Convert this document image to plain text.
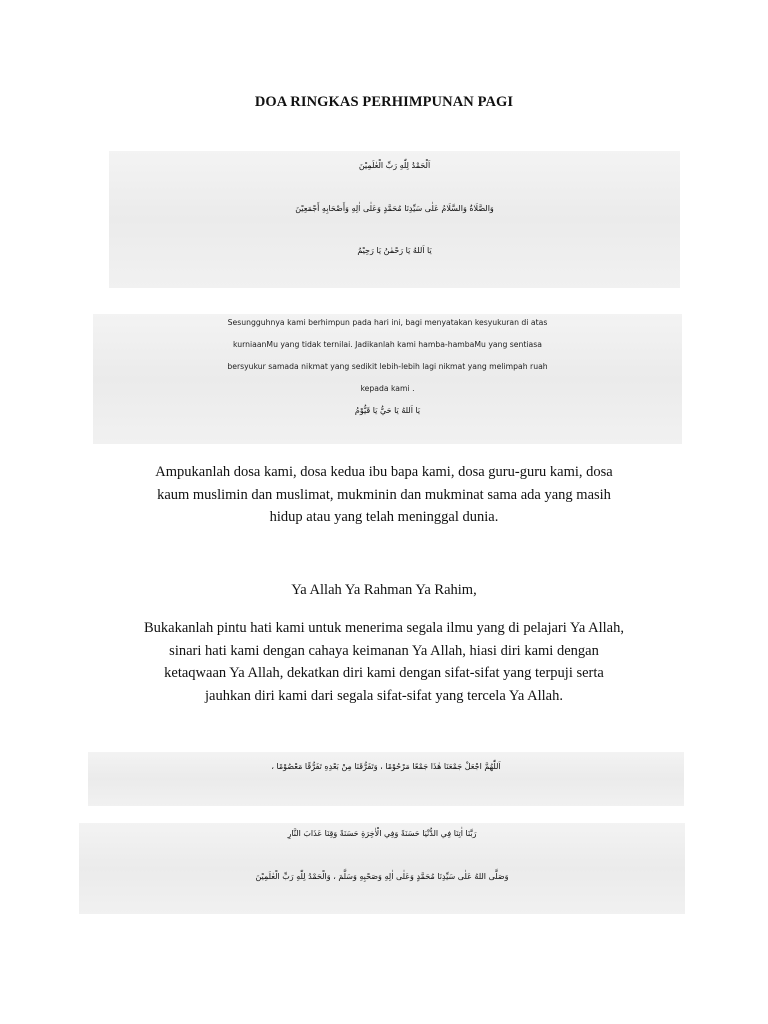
DOA RINGKAS PERHIMPUNAN PAGI
اَلْحَمْدُ لِلّٰهِ رَبِّ الْعٰلَمِيْنَ
وَالصَّلَاةُ وَالسَّلَامُ عَلٰى سَيِّدِنَا مُحَمَّدٍ وَعَلٰى اٰلِهِ وَأَصْحَابِهِ أَجْمَعِيْنَ
يَا اَللهُ يَا رَحْمٰنُ يَا رَحِيْمُ
Sesungguhnya kami berhimpun pada hari ini, bagi menyatakan kesyukuran di atas
kurniaanMu yang tidak ternilai. Jadikanlah kami hamba-hambaMu yang sentiasa
bersyukur samada nikmat yang sedikit lebih-lebih lagi nikmat yang melimpah ruah
kepada kami .
يَا اَللهُ يَا حَيُّ يَا قَيُّوْمُ
Ampukanlah dosa kami, dosa kedua ibu bapa kami, dosa guru-guru kami, dosa
kaum muslimin dan muslimat, mukminin dan mukminat sama ada yang masih
hidup atau yang telah meninggal dunia.
Ya Allah Ya Rahman Ya Rahim,
Bukakanlah pintu hati kami untuk menerima segala ilmu yang di pelajari Ya Allah,
sinari hati kami dengan cahaya keimanan Ya Allah, hiasi diri kami dengan
ketaqwaan Ya Allah, dekatkan diri kami dengan sifat-sifat yang terpuji serta
jauhkan diri kami dari segala sifat-sifat yang tercela Ya Allah.
اَللّٰهُمَّ اجْعَلْ جَمْعَنَا هٰذَا جَمْعًا مَرْحُوْمًا ، وَتَفَرُّقَنَا مِنْ بَعْدِهِ تَفَرُّقًا مَعْصُوْمًا ،
رَبَّنَا اٰتِنَا فِي الدُّنْيَا حَسَنَةً وَفِي الْاٰخِرَةِ حَسَنَةً وَقِنَا عَذَابَ النَّارِ
وَصَلَّى اللهُ عَلٰى سَيِّدِنَا مُحَمَّدٍ وَعَلٰى اٰلِهِ وَصَحْبِهِ وَسَلَّمَ ، وَالْحَمْدُ لِلّٰهِ رَبِّ الْعٰلَمِيْنَ
